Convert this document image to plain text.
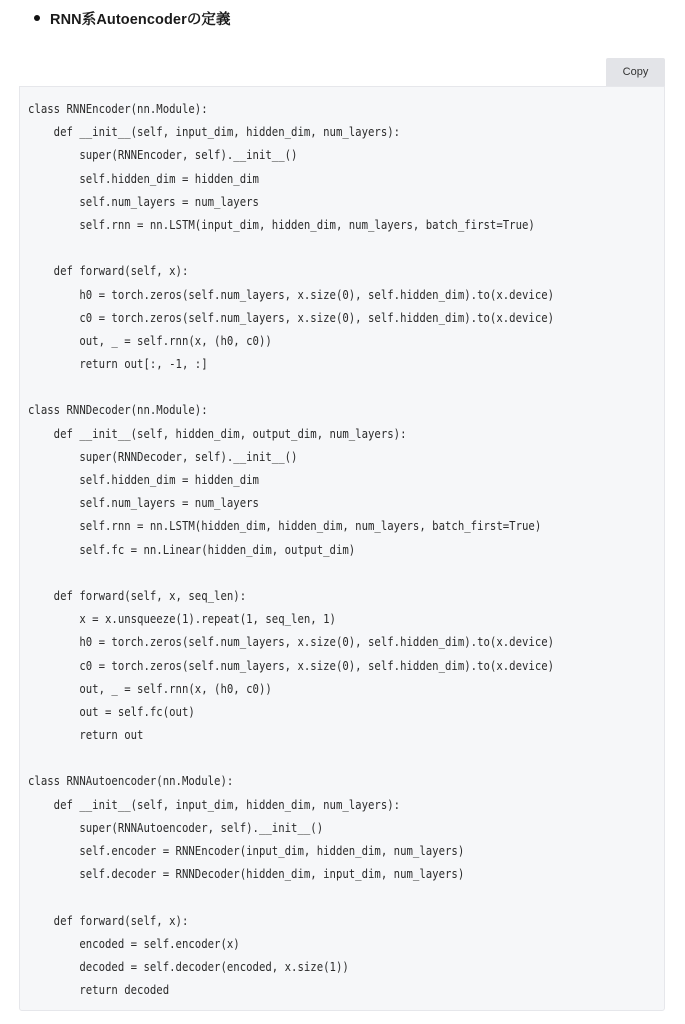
RNN系Autoencoderの定義
Copy
class RNNEncoder(nn.Module):
def __init__(self, input_dim, hidden_dim, num_layers):
super(RNNEncoder, self).__init__()
self.hidden_dim = hidden_dim
self.num_layers = num_layers
self.rnn = nn.LSTM(input_dim, hidden_dim, num_layers, batch_first=True)
def forward(self, x):
h0 = torch.zeros(self.num_layers, x.size(0), self.hidden_dim).to(x.device)
c0 = torch.zeros(self.num_layers, x.size(0), self.hidden_dim).to(x.device)
out, _ = self.rnn(x, (h0, c0))
return out[:, -1, :]
class RNNDecoder(nn.Module):
def __init__(self, hidden_dim, output_dim, num_layers):
super(RNNDecoder, self).__init__()
self.hidden_dim = hidden_dim
self.num_layers = num_layers
self.rnn = nn.LSTM(hidden_dim, hidden_dim, num_layers, batch_first=True)
self.fc = nn.Linear(hidden_dim, output_dim)
def forward(self, x, seq_len):
x = x.unsqueeze(1).repeat(1, seq_len, 1)
h0 = torch.zeros(self.num_layers, x.size(0), self.hidden_dim).to(x.device)
c0 = torch.zeros(self.num_layers, x.size(0), self.hidden_dim).to(x.device)
out, _ = self.rnn(x, (h0, c0))
out = self.fc(out)
return out
class RNNAutoencoder(nn.Module):
def __init__(self, input_dim, hidden_dim, num_layers):
super(RNNAutoencoder, self).__init__()
self.encoder = RNNEncoder(input_dim, hidden_dim, num_layers)
self.decoder = RNNDecoder(hidden_dim, input_dim, num_layers)
def forward(self, x):
encoded = self.encoder(x)
decoded = self.decoder(encoded, x.size(1))
return decoded
